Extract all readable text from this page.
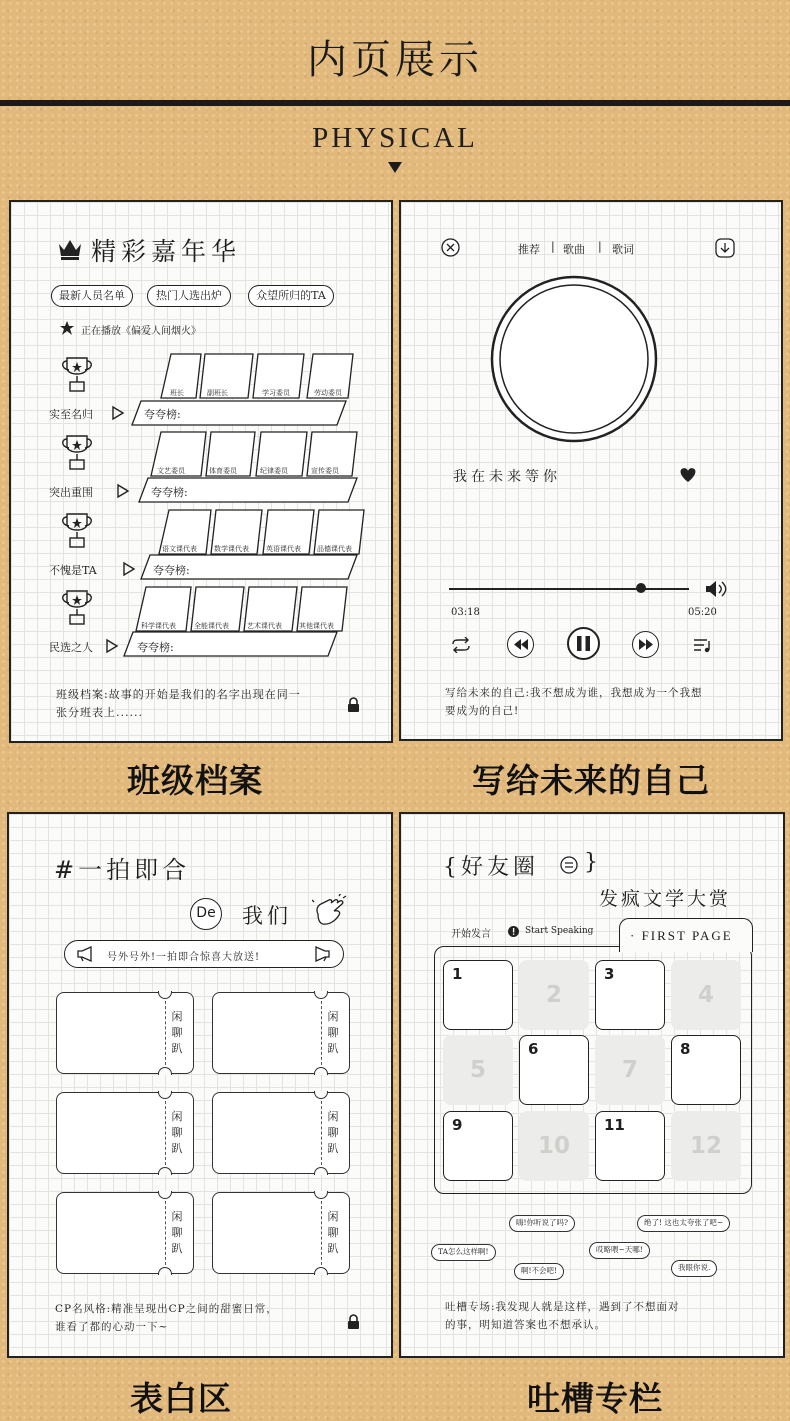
内页展示
PHYSICAL
精彩嘉年华
最新人员名单	热门人选出炉	众望所归的TA
正在播放《偏爱人间烟火》
实至名归
突出重围
不愧是TA
民选之人
夸夸榜:
夸夸榜:
夸夸榜:
夸夸榜:
班长	副班长	学习委员	劳动委员
文艺委员	体育委员	纪律委员	宣传委员
语文课代表 数学课代表 英语课代表 品德课代表
科学课代表	全能课代表	艺术课代表 其他课代表
班级档案:故事的开始是我们的名字出现在同一
张分班表上......
班级档案
推荐 | 歌曲 | 歌词
我在未来等你
03:18	05:20
写给未来的自己:我不想成为谁，我想成为一个我想
要成为的自己!
写给未来的自己
#一拍即合
De 我们
号外号外!一拍即合惊喜大放送!
闲
聊
趴
闲
聊
趴
闲
聊
趴
闲
聊
趴
闲
聊
趴
闲
聊
趴
CP名风格:精准呈现出CP之间的甜蜜日常，
谁看了都的心动一下~
表白区
{好友圈 }
发疯文学大赏
开始发言	Start Speaking	· FIRST PAGE
1
2
3
4
5
6
7
8
9
10
11
12
嗨!你听说了吗?	绝了! 这也太夸张了吧~
TA怎么这样啊!	哎略喂~天哪!
啊!不会吧!	我眼你说.
吐槽专场:我发现人就是这样，遇到了不想面对
的事，明知道答案也不想承认。
吐槽专栏
